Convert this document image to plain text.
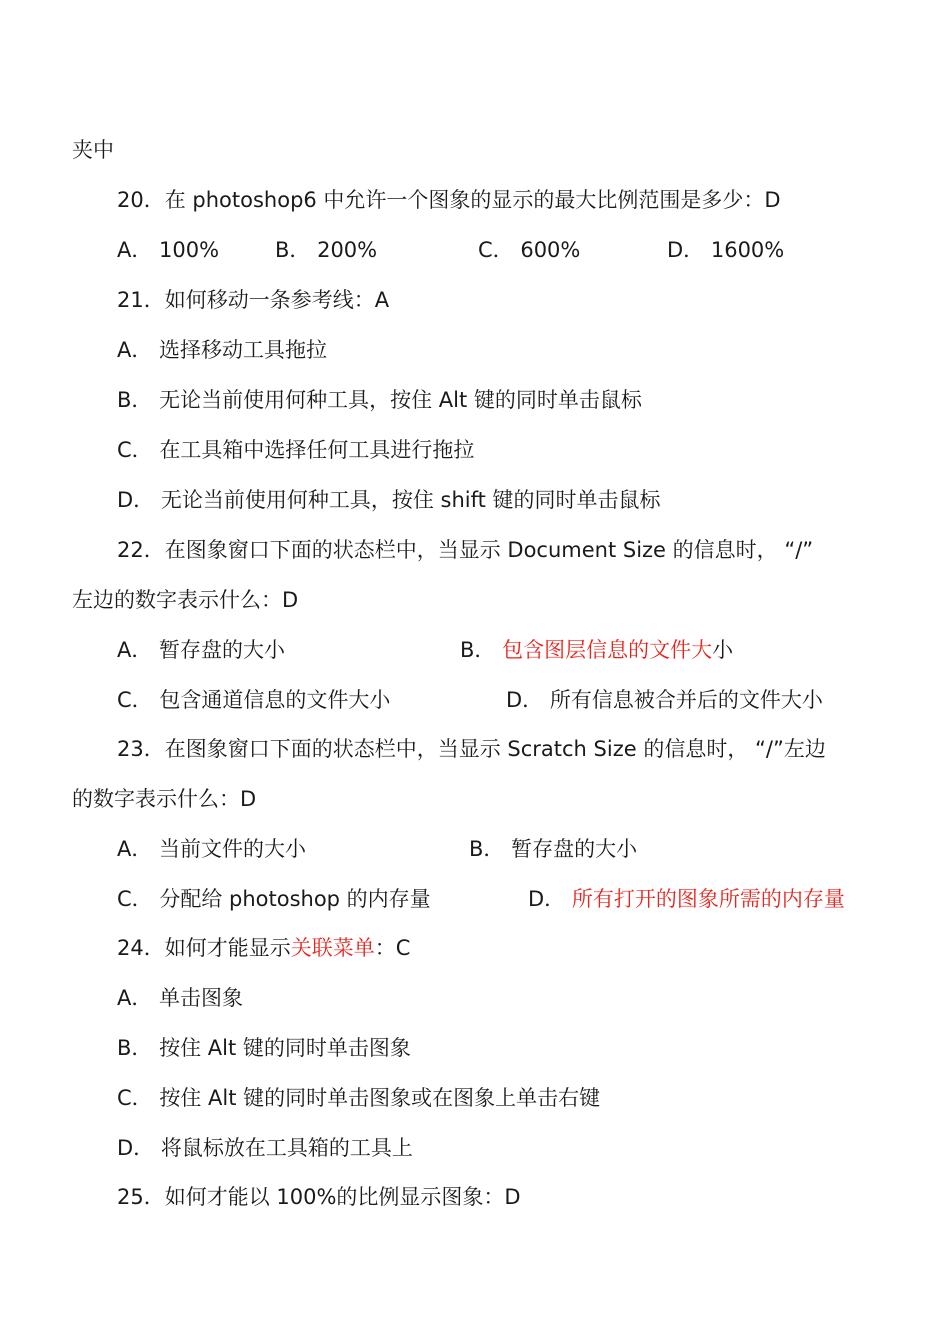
夹中
20．在 photoshop6 中允许一个图象的显示的最大比例范围是多少：D
A． 100%	B． 200%	C． 600%	D． 1600%
21．如何移动一条参考线：A
A． 选择移动工具拖拉
B． 无论当前使用何种工具，按住 Alt 键的同时单击鼠标
C． 在工具箱中选择任何工具进行拖拉
D． 无论当前使用何种工具，按住 shift 键的同时单击鼠标
22．在图象窗口下面的状态栏中，当显示 Document Size 的信息时， “/”
左边的数字表示什么：D
A． 暂存盘的大小	B． 包含图层信息的文件大小
C． 包含通道信息的文件大小	D． 所有信息被合并后的文件大小
23．在图象窗口下面的状态栏中，当显示 Scratch Size 的信息时， “/”左边
的数字表示什么：D
A． 当前文件的大小	B． 暂存盘的大小
C． 分配给 photoshop 的内存量	D． 所有打开的图象所需的内存量
24．如何才能显示关联菜单：C
A． 单击图象
B． 按住 Alt 键的同时单击图象
C． 按住 Alt 键的同时单击图象或在图象上单击右键
D． 将鼠标放在工具箱的工具上
25．如何才能以 100%的比例显示图象：D
